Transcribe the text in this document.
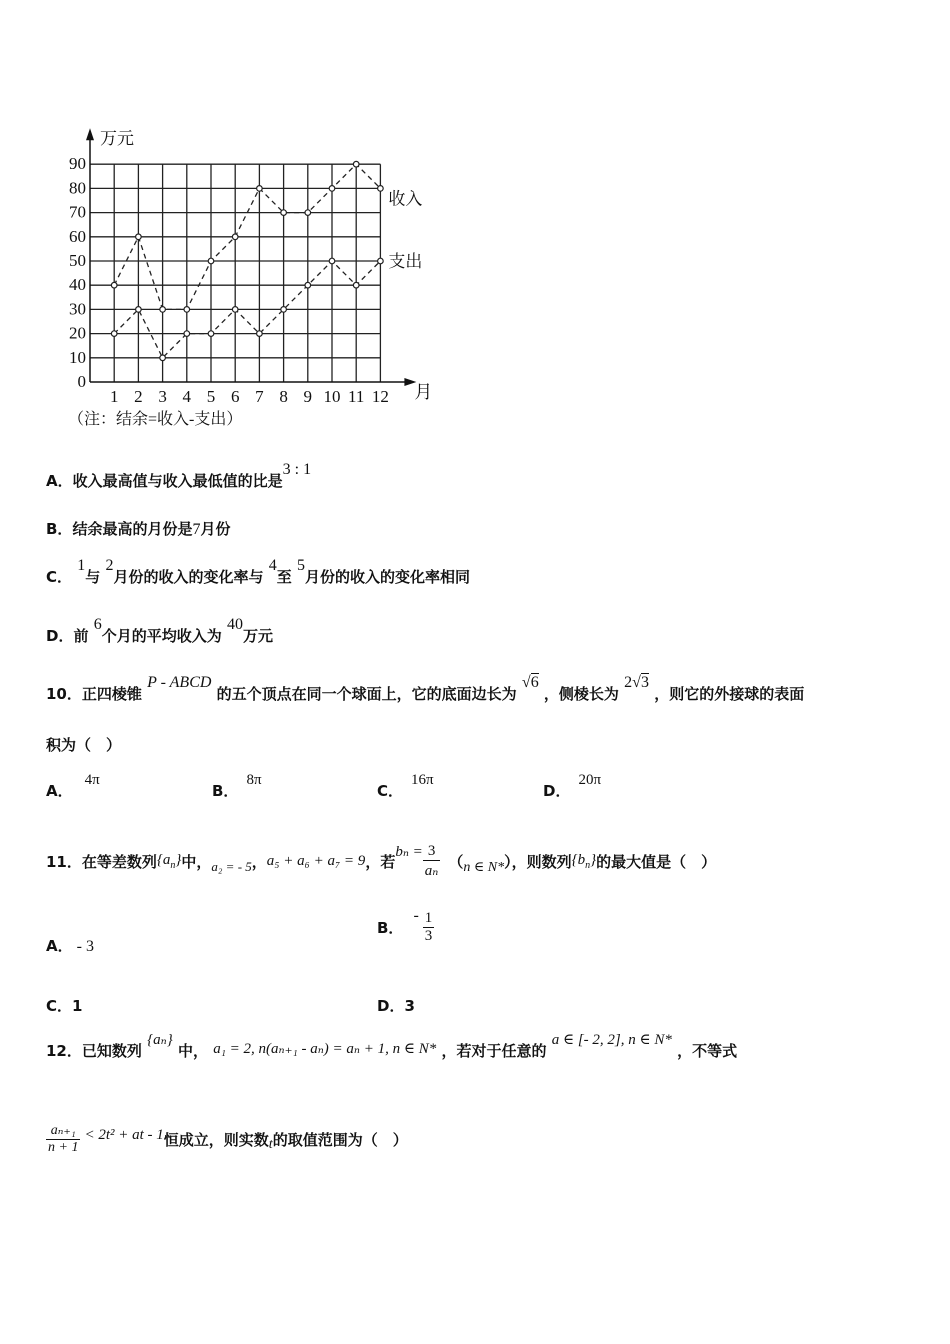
0
10
20
30
40
50
60
70
80
90
1 2 3 4 5 6 7 8 9 10 11 12
万元
月
（注：结余=收入-支出）
收入
支出
A．收入最高值与收入最低值的比是3 : 1
B．结余最高的月份是7月份
C． 1与 2月份的收入的变化率与 4至 5月份的收入的变化率相同
D．前 6个月的平均收入为 40万元
10．正四棱锥 P - ABCD 的五个顶点在同一个球面上，它的底面边长为 √6 ，侧棱长为 2√3 ，则它的外接球的表面
积为（　）
A．4π
B．8π
C．16π
D．20π
11． 在等差数列 $\{a_n\}$ 中， a₂ = - 5 ， a₅ + a₆ + a₇ = 9 ，若
$b_n = \frac{3}{\text{aₙ}}$ （ n ∈ N* ），则数列 $\{b_n\}$ 的最大值是（　）
A． - 3
B．
- $\frac{1}{3}$
C．1	D．3
12．已知数列 {aₙ} 中， a₁ = 2, n(aₙ₊₁ - aₙ) = aₙ + 1, n ∈ N* ，若对于任意的 a ∈ [- 2, 2], n ∈ N* ，不等式
$\frac{\text{aₙ₊₁}}{n + 1} < 2t^2$ + at - 1 恒成立，则实数 t 的取值范围为（　）
